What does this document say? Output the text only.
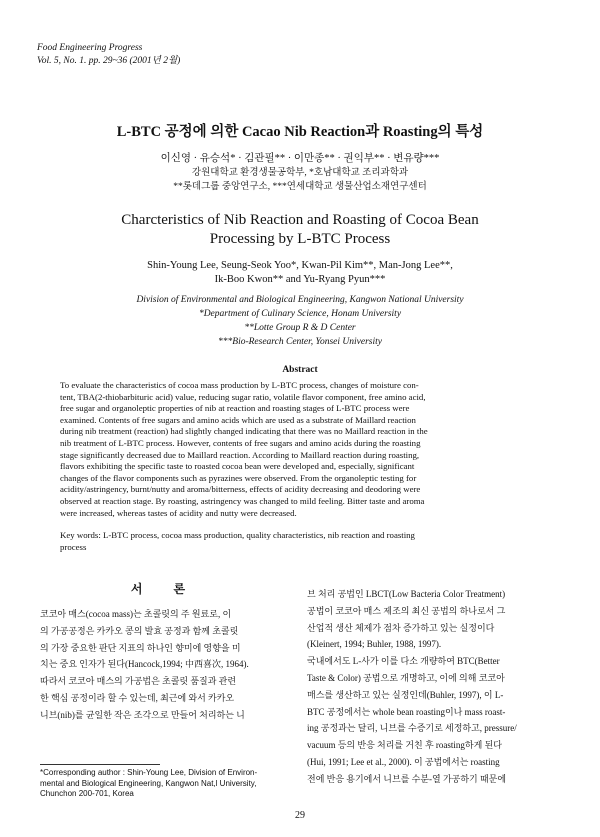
Food Engineering Progress
Vol. 5, No. 1. pp. 29~36 (2001년 2월)
L-BTC 공정에 의한 Cacao Nib Reaction과 Roasting의 특성
이신영 · 유승석* · 김관필** · 이만종** · 권익부** · 변유량***
강원대학교 환경생물공학부, *호남대학교 조리과학과
**롯데그룹 중앙연구소, ***연세대학교 생물산업소재연구센터
Charcteristics of Nib Reaction and Roasting of Cocoa Bean
Processing by L-BTC Process
Shin-Young Lee, Seung-Seok Yoo*, Kwan-Pil Kim**, Man-Jong Lee**,
Ik-Boo Kwon** and Yu-Ryang Pyun***
Division of Environmental and Biological Engineering, Kangwon National University
*Department of Culinary Science, Honam University
**Lotte Group R & D Center
***Bio-Research Center, Yonsei University
Abstract
To evaluate the characteristics of cocoa mass production by L-BTC process, changes of moisture con-
tent, TBA(2-thiobarbituric acid) value, reducing sugar ratio, volatile flavor component, free amino acid,
free sugar and organoleptic properties of nib at reaction and roasting stages of L-BTC process were
examined. Contents of free sugars and amino acids which are used as a substrate of Maillard reaction
during nib treatment (reaction) had slightly changed indicating that there was no Maillard reaction in the
nib treatment of L-BTC process. However, contents of free sugars and amino acids during the roasting
stage significantly decreased due to Maillard reaction. According to Maillard reaction during roasting,
flavors exhibiting the specific taste to roasted cocoa bean were developed and, especially, significant
changes of the flavor components such as pyrazines were observed. From the organoleptic testing for
acidity/astringency, burnt/nutty and aroma/bitterness, effects of acidity decreasing and deodoring were
observed at reaction stage. By roasting, astringency was changed to mild feeling. Bitter taste and aroma
were increased, whereas tastes of acidity and nutty were decreased.
Key words: L-BTC process, cocoa mass production, quality characteristics, nib reaction and roasting
process
서 론
코코아 매스(cocoa mass)는 초콜릿의 주 원료로, 이
의 가공공정은 카카오 콩의 발효 공정과 함께 초콜릿
의 가장 중요한 판단 지표의 하나인 향미에 영향을 미
치는 중요 인자가 된다(Hancock,1994; 中西喜次, 1964).
따라서 코코아 매스의 가공법은 초콜릿 품질과 관련
한 핵심 공정이라 할 수 있는데, 최근에 와서 카카오
니브(nib)를 균일한 작은 조각으로 만들어 처리하는 니
브 처리 공법인 LBCT(Low Bacteria Color Treatment)
공법이 코코아 매스 제조의 최신 공법의 하나로서 그
산업적 생산 체제가 점차 증가하고 있는 실정이다
(Kleinert, 1994; Buhler, 1988, 1997).
국내에서도 L-사가 이를 다소 개량하여 BTC(Better
Taste & Color) 공법으로 개명하고, 이에 의해 코코아
매스를 생산하고 있는 실정인데(Buhler, 1997), 이 L-
BTC 공정에서는 whole bean roasting이나 mass roast-
ing 공정과는 달리, 니브를 수증기로 세정하고, pressure/
vacuum 등의 반응 처리를 거친 후 roasting하게 된다
(Hui, 1991; Lee et al., 2000). 이 공법에서는 roasting
전에 반응 용기에서 니브를 수분-열 가공하기 때문에
*Corresponding author : Shin-Young Lee, Division of Environ-
mental and Biological Engineering, Kangwon Nat,l University,
Chunchon 200-701, Korea
29
